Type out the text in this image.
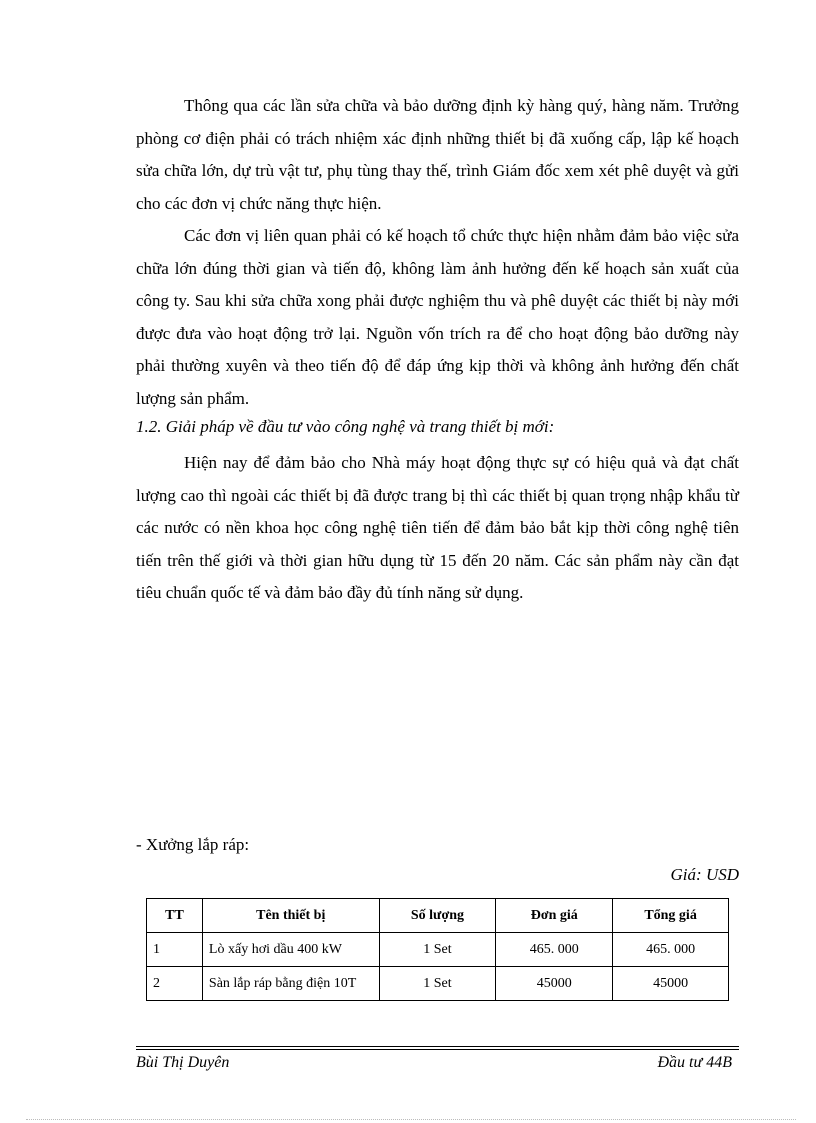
Thông qua các lần sửa chữa và bảo dưỡng định kỳ hàng quý, hàng năm. Trưởng phòng cơ điện phải có trách nhiệm xác định những thiết bị đã xuống cấp, lập kế hoạch sửa chữa lớn, dự trù vật tư, phụ tùng thay thế, trình Giám đốc xem xét phê duyệt và gửi cho các đơn vị chức năng thực hiện.

Các đơn vị liên quan phải có kế hoạch tổ chức thực hiện nhằm đảm bảo việc sửa chữa lớn đúng thời gian và tiến độ, không làm ảnh hưởng đến kế hoạch sản xuất của công ty. Sau khi sửa chữa xong phải được nghiệm thu và phê duyệt các thiết bị này mới được đưa vào hoạt động trở lại. Nguồn vốn trích ra để cho hoạt động bảo dưỡng này phải thường xuyên và theo tiến độ để đáp ứng kịp thời và không ảnh hưởng đến chất lượng sản phẩm.

1.2. Giải pháp về đầu tư vào công nghệ và trang thiết bị mới:

Hiện nay để đảm bảo cho Nhà máy hoạt động thực sự có hiệu quả và đạt chất lượng cao thì ngoài các thiết bị đã được trang bị thì các thiết bị quan trọng nhập khẩu từ các nước có nền khoa học công nghệ tiên tiến để đảm bảo bắt kịp thời công nghệ tiên tiến trên thế giới và thời gian hữu dụng từ 15 đến 20 năm. Các sản phẩm này cần đạt tiêu chuẩn quốc tế và đảm bảo đầy đủ tính năng sử dụng.

- Xưởng lắp ráp:

Giá: USD
TT	Tên thiết bị	Số lượng	Đơn giá	Tổng giá
1	Lò xấy hơi dầu 400 kW	1 Set	465. 000	465. 000
2	Sàn lắp ráp bằng điện 10T	1 Set	45000	45000
Bùi Thị Duyên	Đầu tư 44B
